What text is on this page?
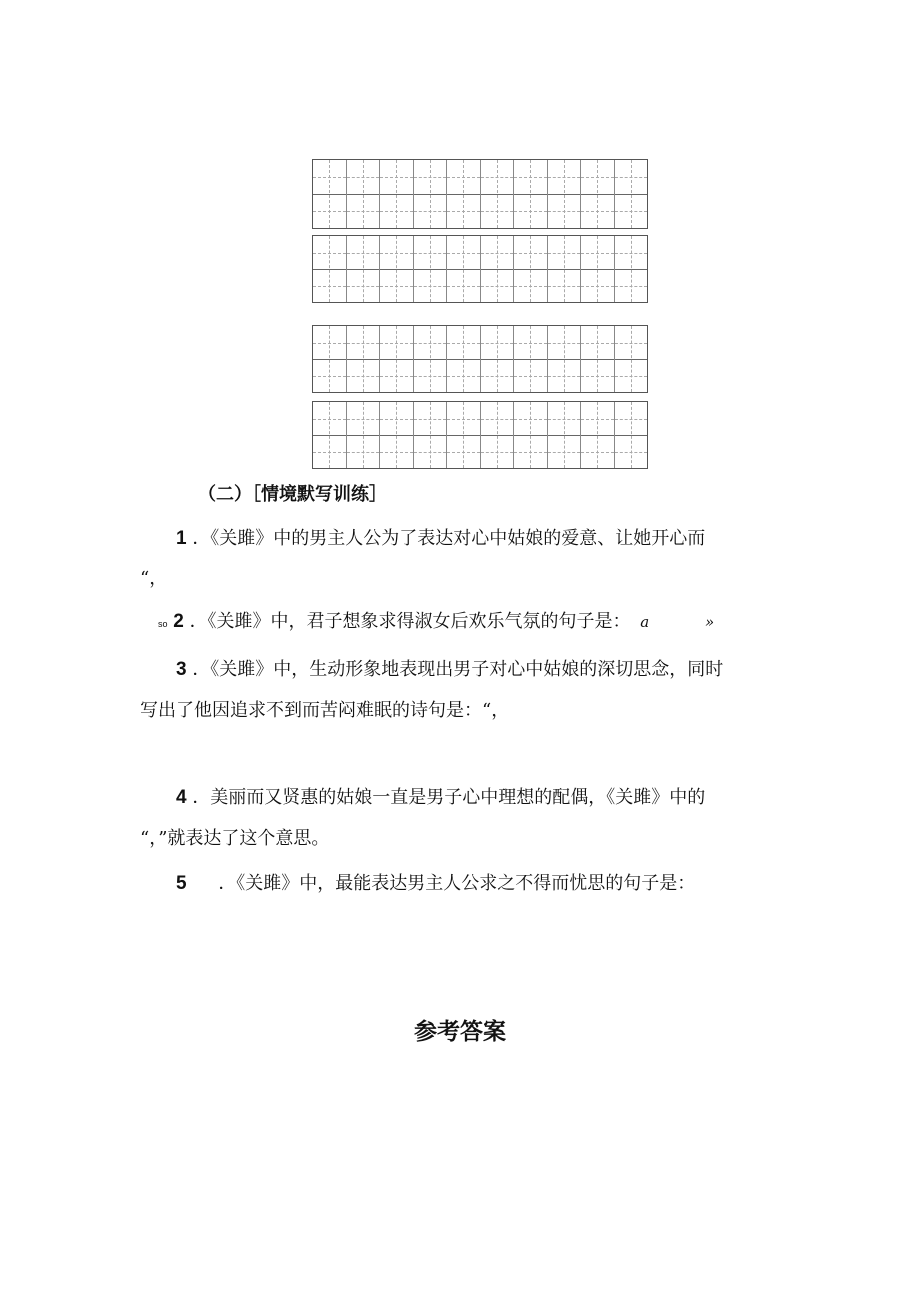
（二）［情境默写训练］
1 ．《关雎》中的男主人公为了表达对心中姑娘的爱意、让她开心而
“，
so 2 ．《关雎》中，君子想象求得淑女后欢乐气氛的句子是： a	»
3 ．《关雎》中，生动形象地表现出男子对心中姑娘的深切思念，同时
写出了他因追求不到而苦闷难眠的诗句是：“，
4 ．美丽而又贤惠的姑娘一直是男子心中理想的配偶，《关雎》中的
“，”就表达了这个意思。
5 ．《关雎》中，最能表达男主人公求之不得而忧思的句子是：
参考答案
